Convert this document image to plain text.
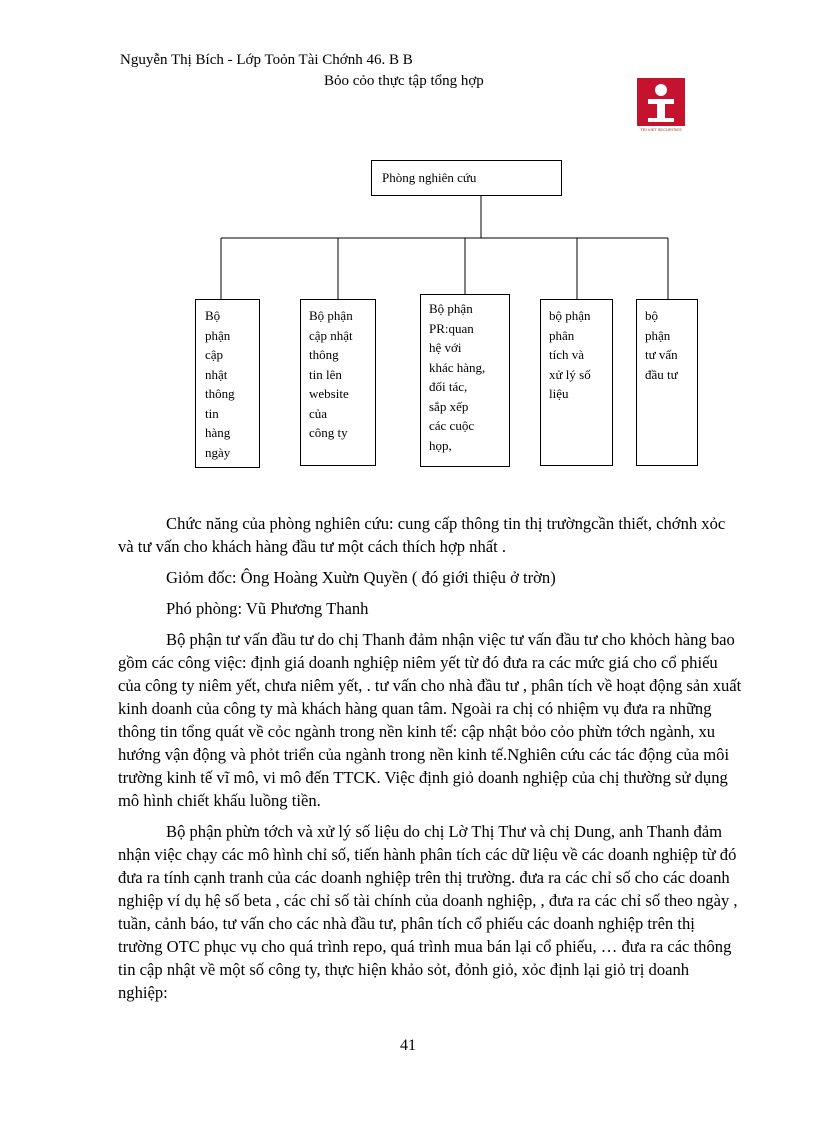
Nguyễn Thị Bích - Lớp Toỏn Tài Chớnh 46. B B
Bỏo cỏo thực tập tổng hợp
TRI VIET SECURITIES
Phòng nghiên cứu
Bộ
phận
cập
nhật
thông
tin
hàng
ngày
Bộ phận
cập nhật
thông
tin lên
website
của
công ty
Bộ phận
PR:quan
hệ với
khác hàng,
đối tác,
sắp xếp
các cuộc
họp,
bộ phận
phân
tích và
xử lý số
liệu
bộ
phận
tư vấn
đầu tư

Chức năng của phòng nghiên cứu: cung cấp thông tin thị trườngcần thiết, chớnh xỏc và tư vấn cho khách hàng đầu tư một cách thích hợp nhất .

Giỏm đốc: Ông Hoàng Xuừn Quyền ( đó giới thiệu ở trờn)

Phó phòng: Vũ Phương Thanh

Bộ phận tư vấn đầu tư do chị Thanh đảm nhận việc tư vấn đầu tư cho khỏch hàng bao gồm các công việc: định giá doanh nghiệp niêm yết từ đó đưa ra các mức giá cho cổ phiếu của công ty niêm yết, chưa niêm yết, . tư vấn cho nhà đầu tư , phân tích về hoạt động sản xuất kinh doanh của công ty mà khách hàng quan tâm. Ngoài ra chị có nhiệm vụ đưa ra những thông tin tổng quát về cỏc ngành trong nền kinh tế: cập nhật bỏo cỏo phừn tớch ngành, xu hướng vận động và phỏt triển của ngành trong nền kinh tế.Nghiên cứu các tác động của môi trường kinh tế vĩ mô, vi mô đến TTCK. Việc định giỏ doanh nghiệp của chị thường sử dụng mô hình chiết khấu luồng tiền.

Bộ phận phừn tớch và xử lý số liệu do chị Lờ Thị Thư và chị Dung, anh Thanh đảm nhận việc chạy các mô hình chỉ số, tiến hành phân tích các dữ liệu về các doanh nghiệp từ đó đưa ra tính cạnh tranh của các doanh nghiệp trên thị trường. đưa ra các chỉ số cho các doanh nghiệp ví dụ hệ số beta , các chỉ số tài chính của doanh nghiệp, , đưa ra các chỉ số theo ngày , tuần, cảnh báo, tư vấn cho các nhà đầu tư, phân tích cổ phiếu các doanh nghiệp trên thị trường OTC phục vụ cho quá trình repo, quá trình mua bán lại cổ phiếu, … đưa ra các thông tin cập nhật về một số công ty, thực hiện khảo sỏt, đỏnh giỏ, xỏc định lại giỏ trị doanh nghiệp:

41
